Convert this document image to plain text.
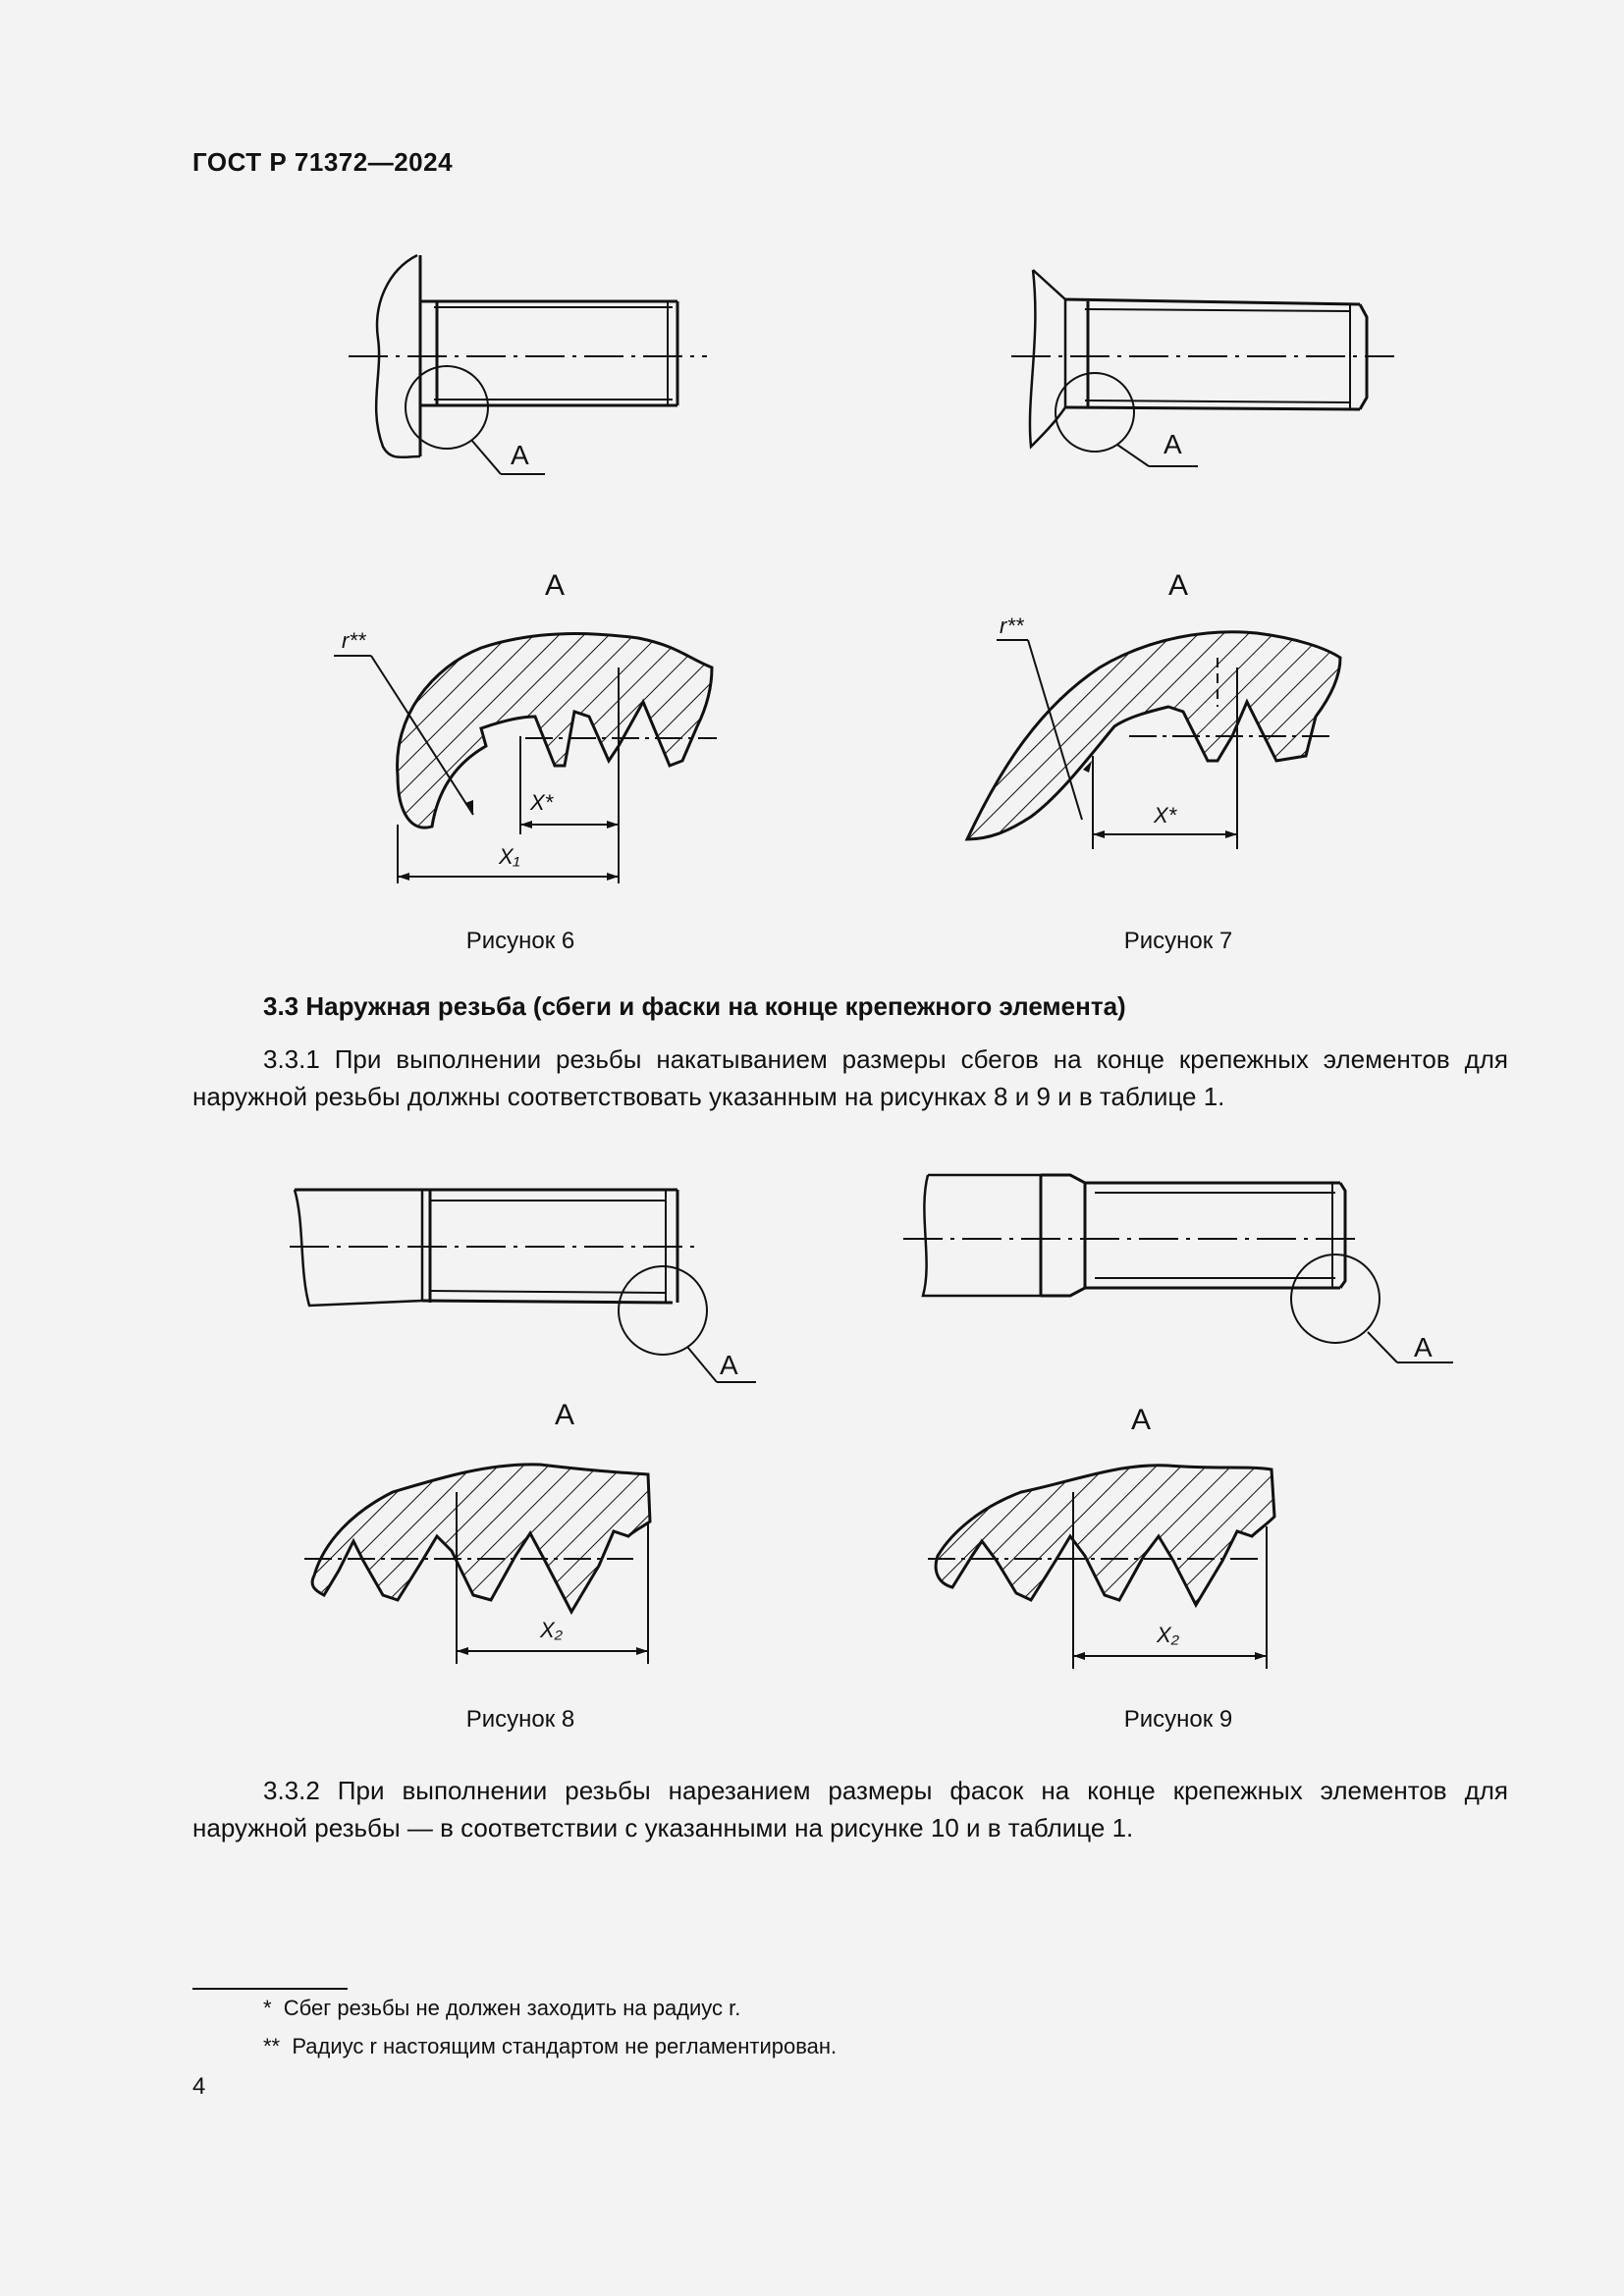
ГОСТ Р 71372—2024
A	A
A
r**
X*
X₁
A
r**
X*
Рисунок 6	Рисунок 7
3.3 Наружная резьба (сбеги и фаски на конце крепежного элемента)
3.3.1 При выполнении резьбы накатыванием размеры сбегов на конце крепежных элементов для наружной резьбы должны соответствовать указанным на рисунках 8 и 9 и в таблице 1.
A
A
A
X₂
A
X₂
Рисунок 8	Рисунок 9
3.3.2 При выполнении резьбы нарезанием размеры фасок на конце крепежных элементов для наружной резьбы — в соответствии с указанными на рисунке 10 и в таблице 1.
* Сбег резьбы не должен заходить на радиус r.
** Радиус r настоящим стандартом не регламентирован.
4
